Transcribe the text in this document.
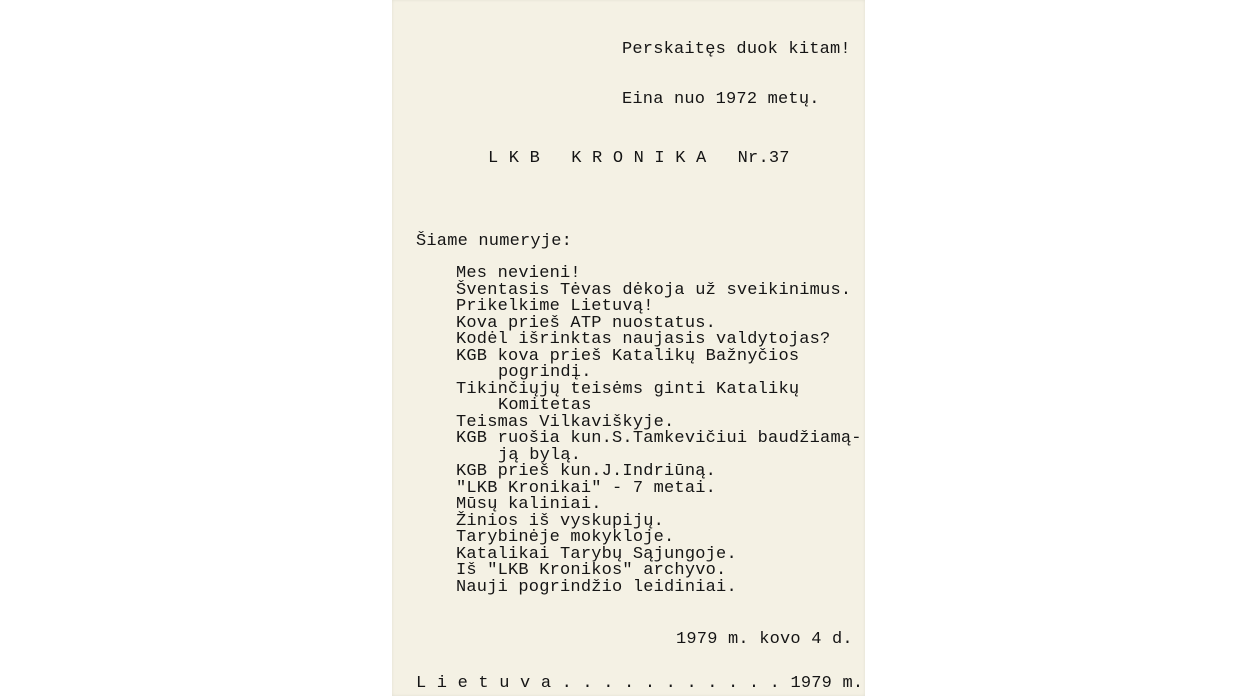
Perskaitęs duok kitam!

Eina nuo 1972 metų.

L K B   K R O N I K A   Nr.37
Šiame numeryje:
Mes nevieni!
Šventasis Tėvas dėkoja už sveikinimus.
Prikelkime Lietuvą!
Kova prieš ATP nuostatus.
Kodėl išrinktas naujasis valdytojas?
KGB kova prieš Katalikų Bažnyčios
pogrindį.
Tikinčiųjų teisėms ginti Katalikų
Komitetas
Teismas Vilkaviškyje.
KGB ruošia kun.S.Tamkevičiui baudžiamą-
ją bylą.
KGB prieš kun.J.Indriūną.
"LKB Kronikai" - 7 metai.
Mūsų kaliniai.
Žinios iš vyskupijų.
Tarybinėje mokykloje.
Katalikai Tarybų Sąjungoje.
Iš "LKB Kronikos" archyvo.
Nauji pogrindžio leidiniai.
1979 m. kovo 4 d.
L i e t u v a . . . . . . . . . . . 1979 m.
